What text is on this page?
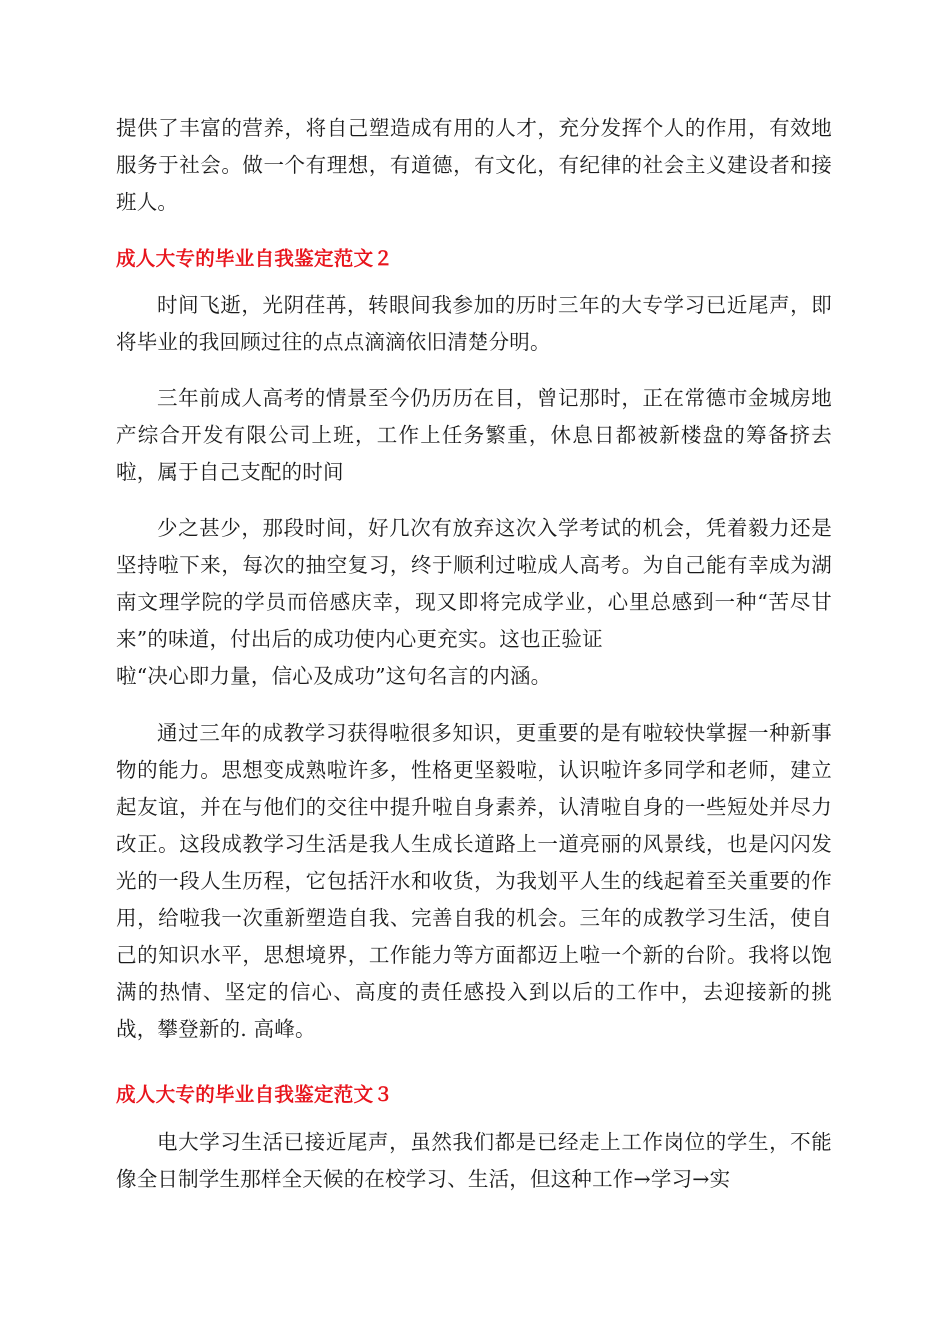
提供了丰富的营养，将自己塑造成有用的人才，充分发挥个人的作用，有效地服务于社会。做一个有理想，有道德，有文化，有纪律的社会主义建设者和接班人。

成人大专的毕业自我鉴定范文２

时间飞逝，光阴荏苒，转眼间我参加的历时三年的大专学习已近尾声，即将毕业的我回顾过往的点点滴滴依旧清楚分明。

三年前成人高考的情景至今仍历历在目，曾记那时，正在常德市金城房地产综合开发有限公司上班，工作上任务繁重，休息日都被新楼盘的筹备挤去啦，属于自己支配的时间

少之甚少，那段时间，好几次有放弃这次入学考试的机会，凭着毅力还是坚持啦下来，每次的抽空复习，终于顺利过啦成人高考。为自己能有幸成为湖南文理学院的学员而倍感庆幸，现又即将完成学业，心里总感到一种“苦尽甘来”的味道，付出后的成功使内心更充实。这也正验证

啦“决心即力量，信心及成功”这句名言的内涵。

通过三年的成教学习获得啦很多知识，更重要的是有啦较快掌握一种新事物的能力。思想变成熟啦许多，性格更坚毅啦，认识啦许多同学和老师，建立起友谊，并在与他们的交往中提升啦自身素养，认清啦自身的一些短处并尽力改正。这段成教学习生活是我人生成长道路上一道亮丽的风景线，也是闪闪发光的一段人生历程，它包括汗水和收货，为我划平人生的线起着至关重要的作用，给啦我一次重新塑造自我、完善自我的机会。三年的成教学习生活，使自己的知识水平，思想境界，工作能力等方面都迈上啦一个新的台阶。我将以饱满的热情、坚定的信心、高度的责任感投入到以后的工作中，去迎接新的挑战，攀登新的. 高峰。

成人大专的毕业自我鉴定范文３

电大学习生活已接近尾声，虽然我们都是已经走上工作岗位的学生，不能像全日制学生那样全天候的在校学习、生活，但这种工作→学习→实
